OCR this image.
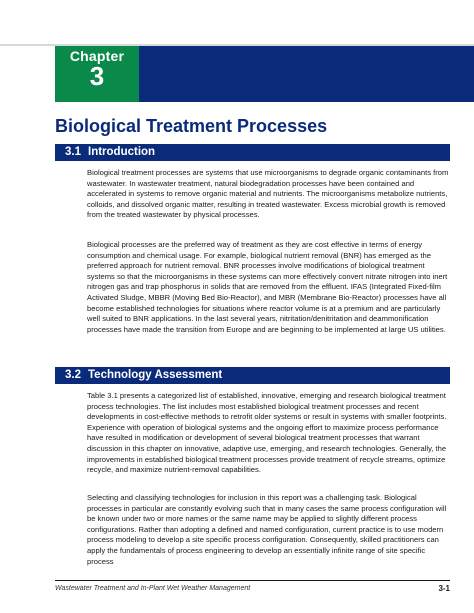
Chapter
3
Biological Treatment Processes
3.1 Introduction

Biological treatment processes are systems that use microorganisms to degrade organic contaminants from wastewater. In wastewater treatment, natural biodegradation processes have been contained and accelerated in systems to remove organic material and nutrients. The microorganisms metabolize nutrients, colloids, and dissolved organic matter, resulting in treated wastewater. Excess microbial growth is removed from the treated wastewater by physical processes.

Biological processes are the preferred way of treatment as they are cost effective in terms of energy consumption and chemical usage. For example, biological nutrient removal (BNR) has emerged as the preferred approach for nutrient removal. BNR processes involve modifications of biological treatment systems so that the microorganisms in these systems can more effectively convert nitrate nitrogen into inert nitrogen gas and trap phosphorus in solids that are removed from the effluent. IFAS (Integrated Fixed-film Activated Sludge, MBBR (Moving Bed Bio-Reactor), and MBR (Membrane Bio-Reactor) processes have all become established technologies for situations where reactor volume is at a premium and are particularly well suited to BNR applications. In the last several years, nitritation/denitritation and deammonification processes have made the transition from Europe and are beginning to be implemented at large US utilities.

3.2 Technology Assessment

Table 3.1 presents a categorized list of established, innovative, emerging and research biological treatment process technologies. The list includes most established biological treatment processes and recent developments in cost-effective methods to retrofit older systems or result in systems with smaller footprints. Experience with operation of biological systems and the ongoing effort to maximize process performance have resulted in modification or development of several biological treatment processes that warrant discussion in this chapter on innovative, adaptive use, emerging, and research technologies. Generally, the improvements in established biological treatment processes provide treatment of recycle streams, optimize recycle, and maximize nutrient-removal capabilities.

Selecting and classifying technologies for inclusion in this report was a challenging task. Biological processes in particular are constantly evolving such that in many cases the same process configuration will be known under two or more names or the same name may be applied to slightly different process configurations. Rather than adopting a defined and named configuration, current practice is to use modern process modeling to develop a site specific process configuration. Consequently, skilled practitioners can apply the fundamentals of process engineering to develop an essentially infinite range of site specific process

Wastewater Treatment and In-Plant Wet Weather Management	3-1
